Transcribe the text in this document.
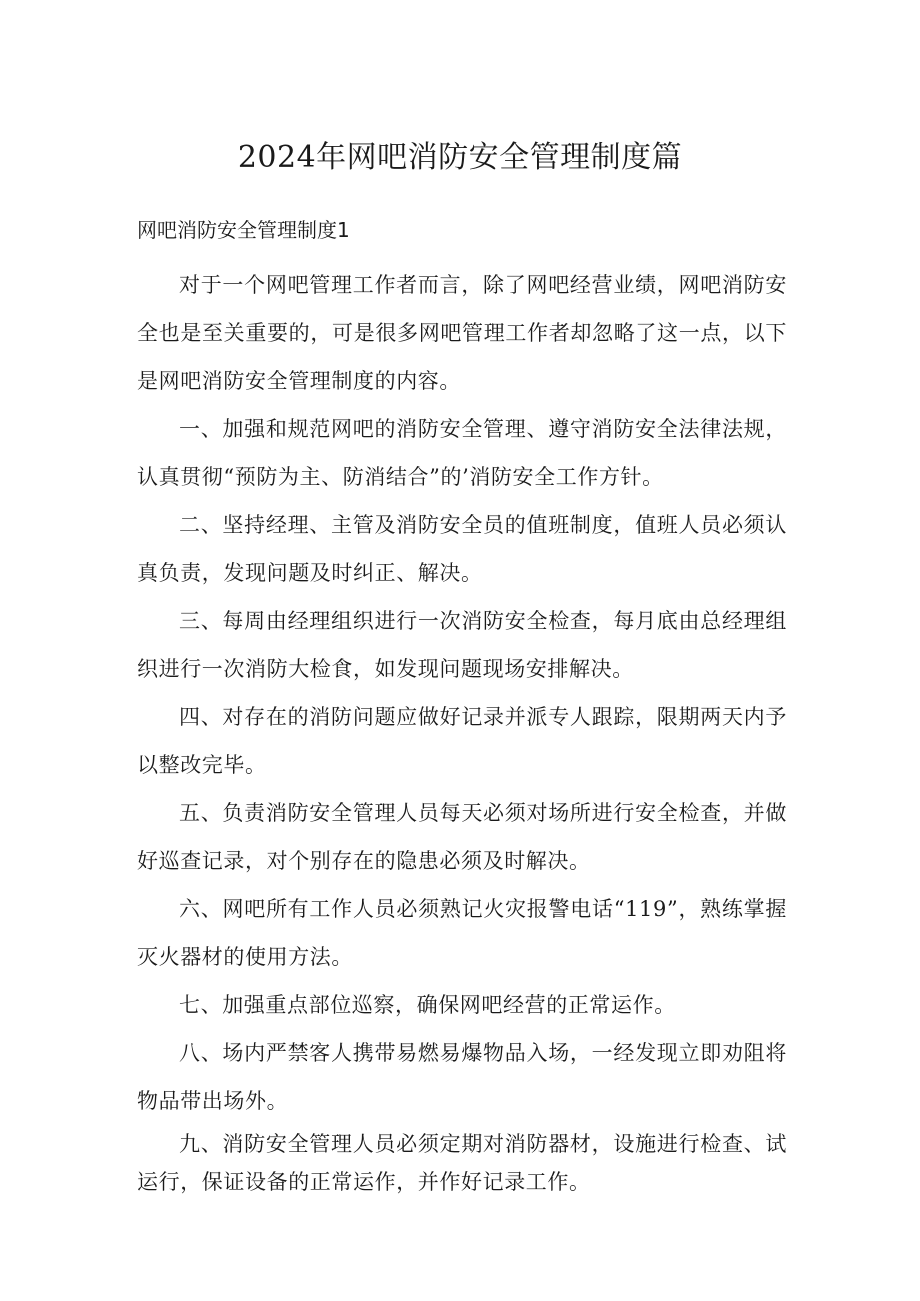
2024年网吧消防安全管理制度篇

网吧消防安全管理制度1

对于一个网吧管理工作者而言，除了网吧经营业绩，网吧消防安全也是至关重要的，可是很多网吧管理工作者却忽略了这一点，以下是网吧消防安全管理制度的内容。

一、加强和规范网吧的消防安全管理、遵守消防安全法律法规，认真贯彻“预防为主、防消结合”的’消防安全工作方针。

二、坚持经理、主管及消防安全员的值班制度，值班人员必须认真负责，发现问题及时纠正、解决。

三、每周由经理组织进行一次消防安全检查，每月底由总经理组织进行一次消防大检食，如发现问题现场安排解决。

四、对存在的消防问题应做好记录并派专人跟踪，限期两天内予以整改完毕。

五、负责消防安全管理人员每天必须对场所进行安全检查，并做好巡查记录，对个别存在的隐患必须及时解决。

六、网吧所有工作人员必须熟记火灾报警电话“119”，熟练掌握灭火器材的使用方法。

七、加强重点部位巡察，确保网吧经营的正常运作。

八、场内严禁客人携带易燃易爆物品入场，一经发现立即劝阻将物品带出场外。

九、消防安全管理人员必须定期对消防器材，设施进行检查、试运行，保证设备的正常运作，并作好记录工作。
